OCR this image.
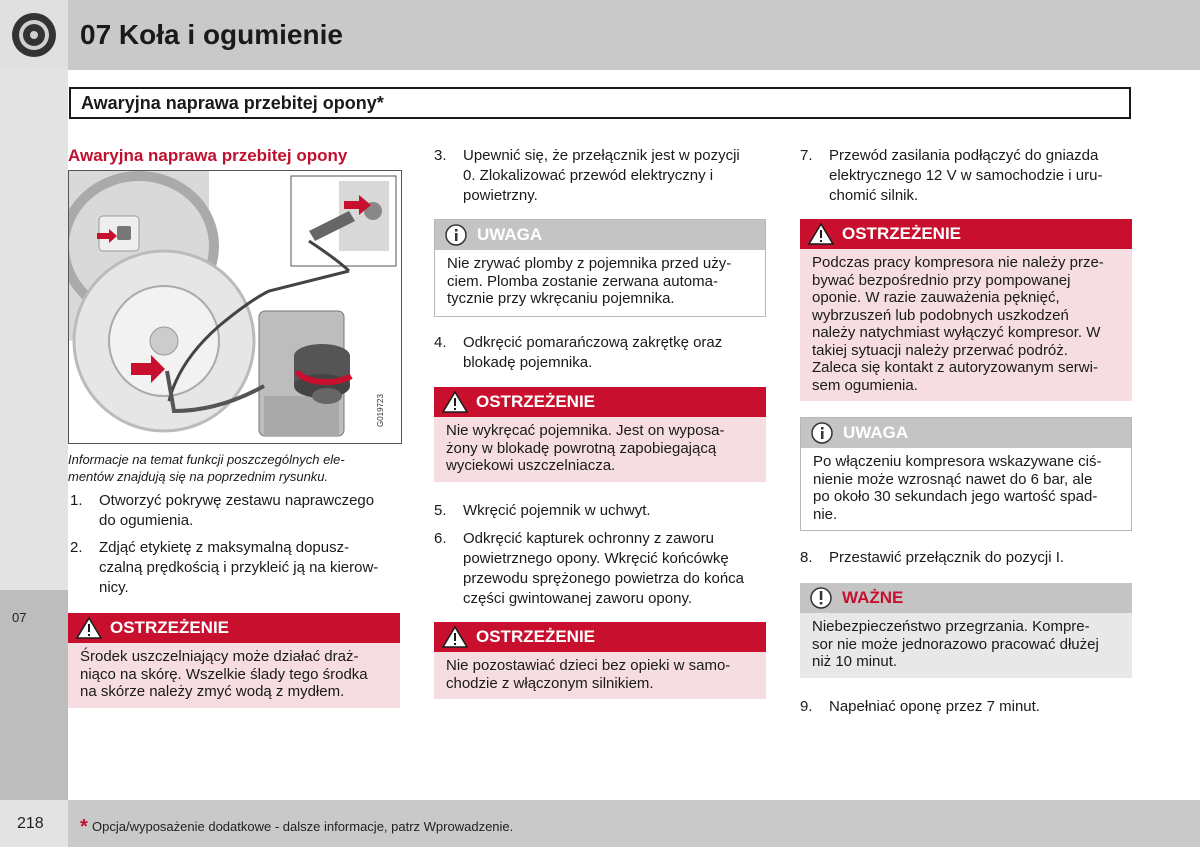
07 Koła i ogumienie
07
Awaryjna naprawa przebitej opony*
Awaryjna naprawa przebitej opony
G019723
Informacje na temat funkcji poszczególnych ele-
mentów znajdują się na poprzednim rysunku.
1. Otworzyć pokrywę zestawu naprawczego
do ogumienia.
2. Zdjąć etykietę z maksymalną dopusz-
czalną prędkością i przykleić ją na kierow-
nicy.
OSTRZEŻENIE
Środek uszczelniający może działać draż-
niąco na skórę. Wszelkie ślady tego środka
na skórze należy zmyć wodą z mydłem.
3. Upewnić się, że przełącznik jest w pozycji
0. Zlokalizować przewód elektryczny i
powietrzny.
UWAGA
Nie zrywać plomby z pojemnika przed uży-
ciem. Plomba zostanie zerwana automa-
tycznie przy wkręcaniu pojemnika.
4. Odkręcić pomarańczową zakrętkę oraz
blokadę pojemnika.
OSTRZEŻENIE
Nie wykręcać pojemnika. Jest on wyposa-
żony w blokadę powrotną zapobiegającą
wyciekowi uszczelniacza.
5. Wkręcić pojemnik w uchwyt.
6. Odkręcić kapturek ochronny z zaworu
powietrznego opony. Wkręcić końcówkę
przewodu sprężonego powietrza do końca
części gwintowanej zaworu opony.
OSTRZEŻENIE
Nie pozostawiać dzieci bez opieki w samo-
chodzie z włączonym silnikiem.
7. Przewód zasilania podłączyć do gniazda
elektrycznego 12 V w samochodzie i uru-
chomić silnik.
OSTRZEŻENIE
Podczas pracy kompresora nie należy prze-
bywać bezpośrednio przy pompowanej
oponie. W razie zauważenia pęknięć,
wybrzuszeń lub podobnych uszkodzeń
należy natychmiast wyłączyć kompresor. W
takiej sytuacji należy przerwać podróż.
Zaleca się kontakt z autoryzowanym serwi-
sem ogumienia.
UWAGA
Po włączeniu kompresora wskazywane ciś-
nienie może wzrosnąć nawet do 6 bar, ale
po około 30 sekundach jego wartość spad-
nie.
8. Przestawić przełącznik do pozycji I.
WAŻNE
Niebezpieczeństwo przegrzania. Kompre-
sor nie może jednorazowo pracować dłużej
niż 10 minut.
9. Napełniać oponę przez 7 minut.
218 * Opcja/wyposażenie dodatkowe - dalsze informacje, patrz Wprowadzenie.
